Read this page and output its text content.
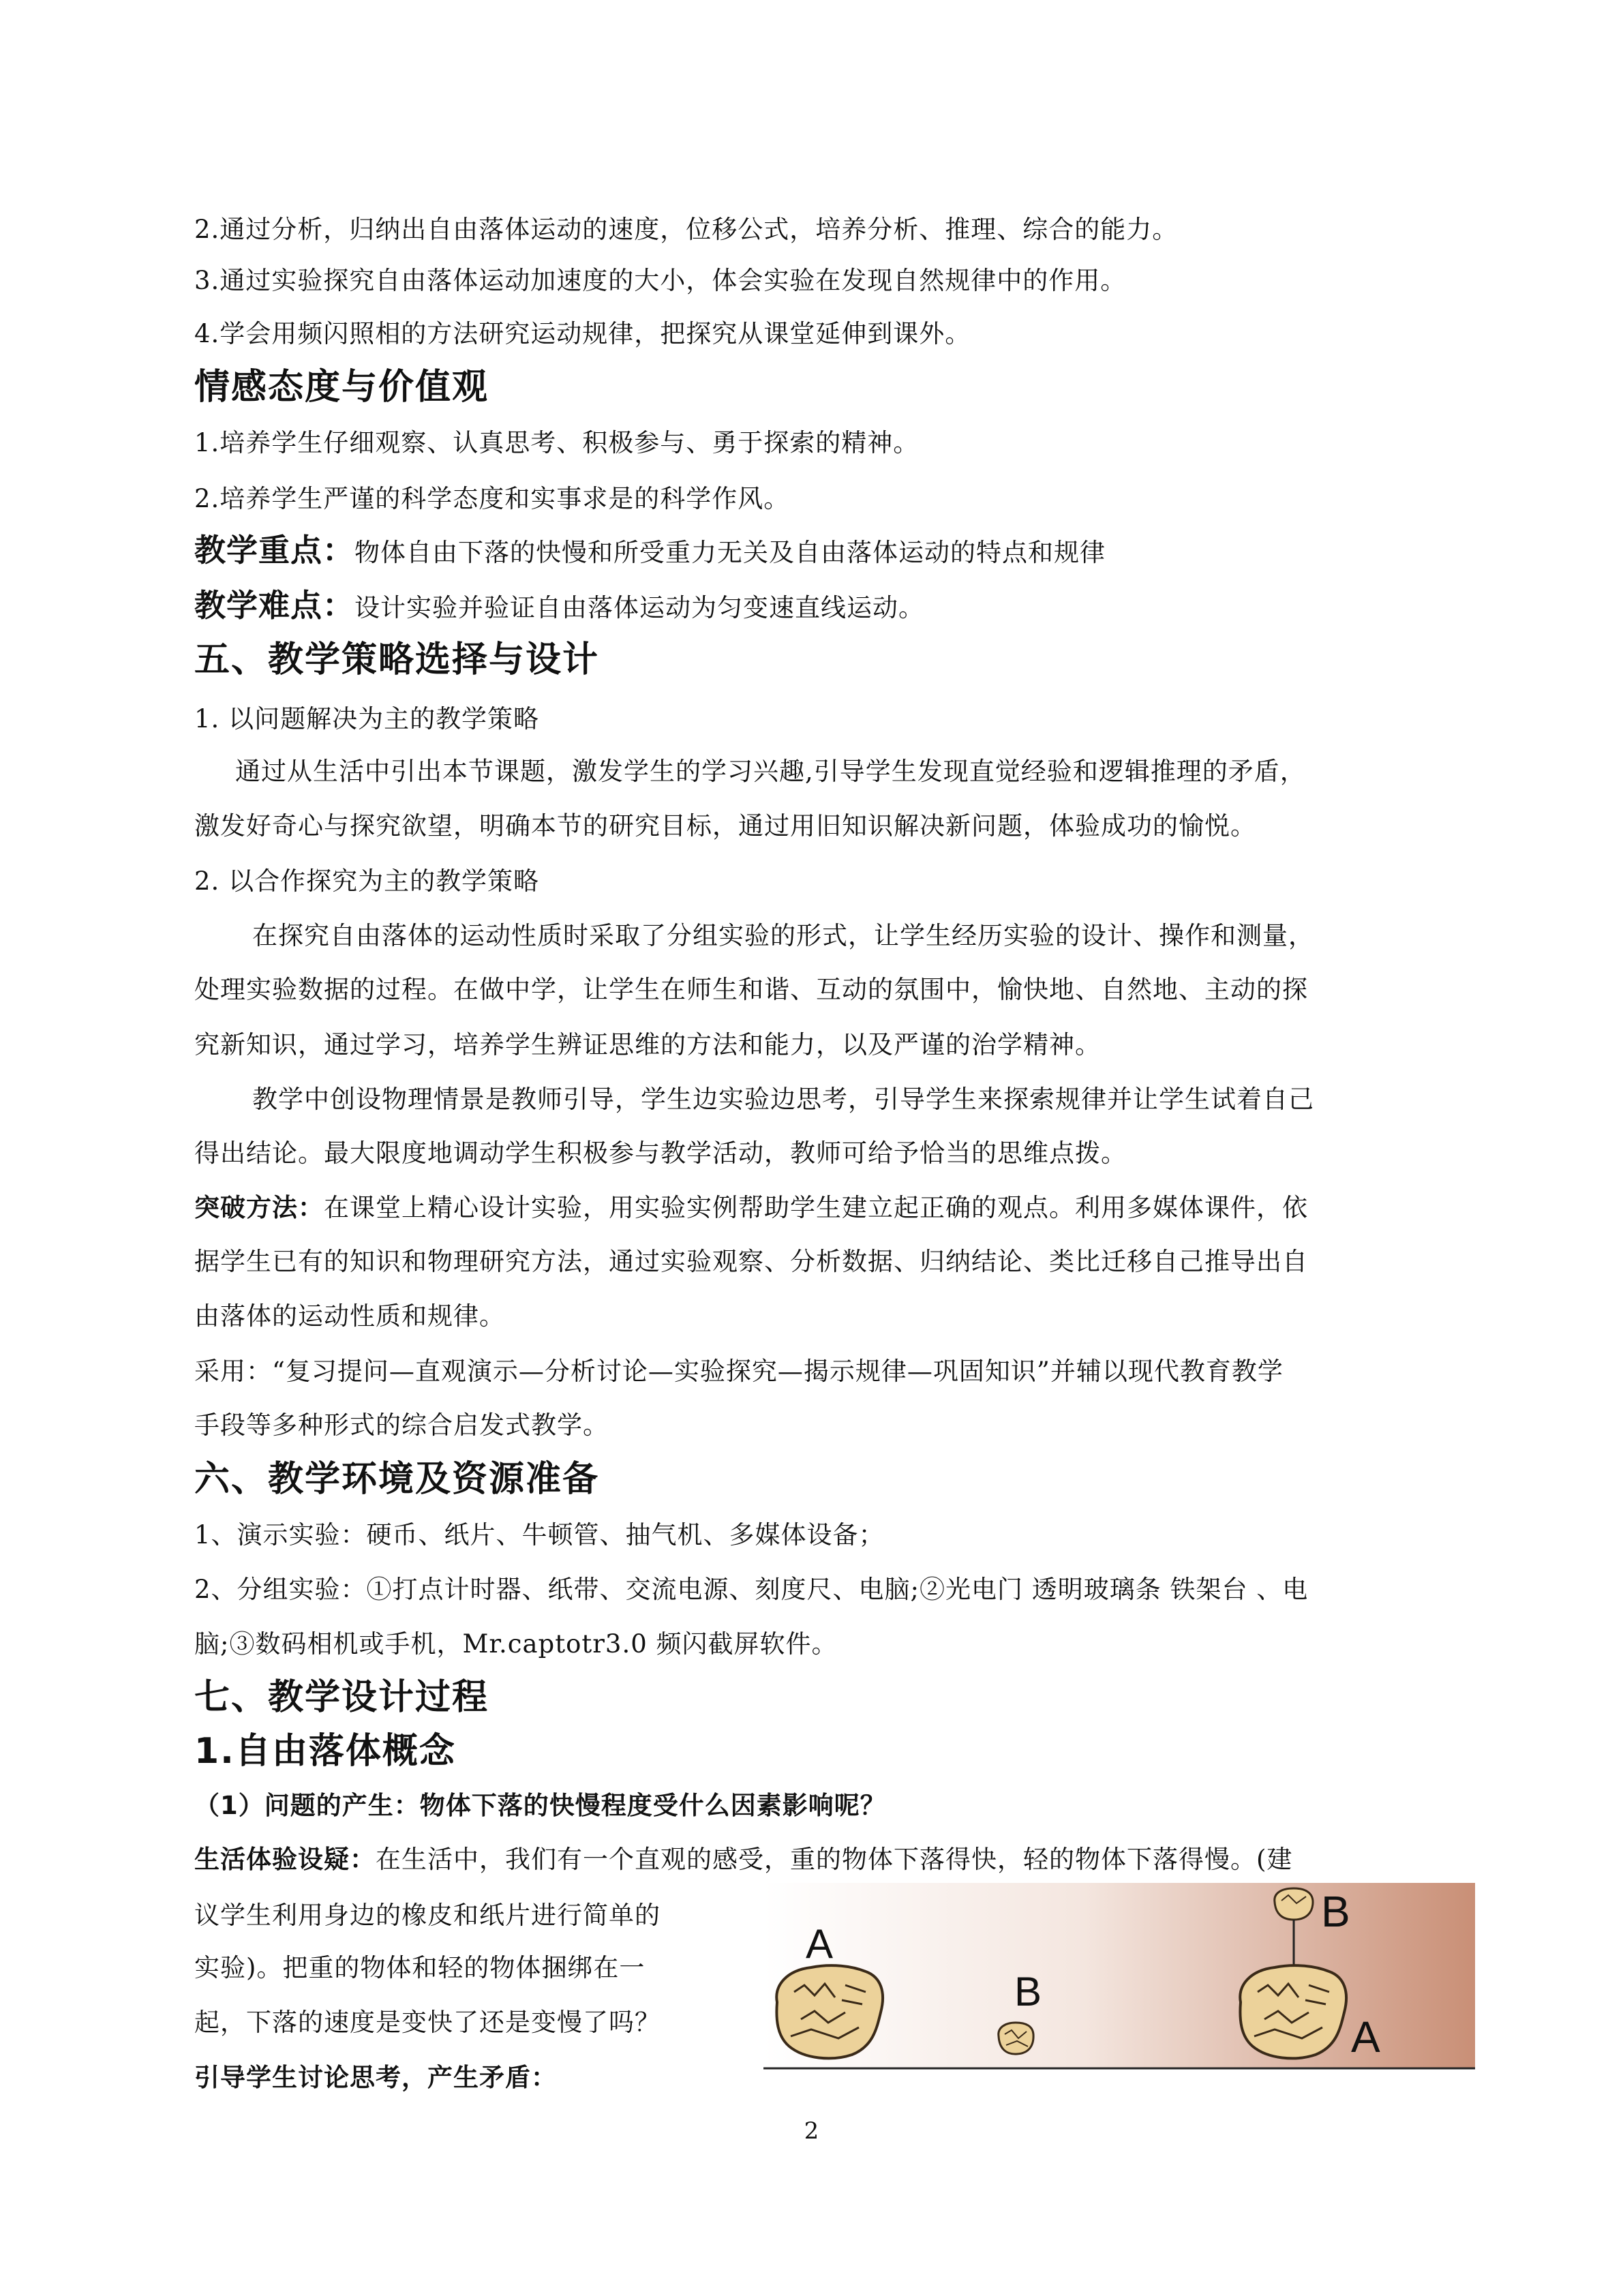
2.通过分析，归纳出自由落体运动的速度，位移公式，培养分析、推理、综合的能力。

3.通过实验探究自由落体运动加速度的大小，体会实验在发现自然规律中的作用。

4.学会用频闪照相的方法研究运动规律，把探究从课堂延伸到课外。

情感态度与价值观

1.培养学生仔细观察、认真思考、积极参与、勇于探索的精神。

2.培养学生严谨的科学态度和实事求是的科学作风。

教学重点：物体自由下落的快慢和所受重力无关及自由落体运动的特点和规律

教学难点：设计实验并验证自由落体运动为匀变速直线运动。

五、教学策略选择与设计

1. 以问题解决为主的教学策略

通过从生活中引出本节课题，激发学生的学习兴趣,引导学生发现直觉经验和逻辑推理的矛盾，

激发好奇心与探究欲望，明确本节的研究目标，通过用旧知识解决新问题，体验成功的愉悦。

2. 以合作探究为主的教学策略

在探究自由落体的运动性质时采取了分组实验的形式，让学生经历实验的设计、操作和测量，

处理实验数据的过程。在做中学，让学生在师生和谐、互动的氛围中，愉快地、自然地、主动的探

究新知识，通过学习，培养学生辨证思维的方法和能力，以及严谨的治学精神。

教学中创设物理情景是教师引导，学生边实验边思考，引导学生来探索规律并让学生试着自己

得出结论。最大限度地调动学生积极参与教学活动，教师可给予恰当的思维点拨。

突破方法：在课堂上精心设计实验，用实验实例帮助学生建立起正确的观点。利用多媒体课件，依

据学生已有的知识和物理研究方法，通过实验观察、分析数据、归纳结论、类比迁移自己推导出自

由落体的运动性质和规律。

采用：“复习提问—直观演示—分析讨论—实验探究—揭示规律—巩固知识”并辅以现代教育教学

手段等多种形式的综合启发式教学。

六、教学环境及资源准备

1、演示实验：硬币、纸片、牛顿管、抽气机、多媒体设备；

2、分组实验：①打点计时器、纸带、交流电源、刻度尺、电脑;②光电门 透明玻璃条 铁架台 、电

脑;③数码相机或手机，Mr.captotr3.0 频闪截屏软件。

七、教学设计过程
1.自由落体概念

（1）问题的产生：物体下落的快慢程度受什么因素影响呢？

生活体验设疑：在生活中，我们有一个直观的感受，重的物体下落得快，轻的物体下落得慢。(建

议学生利用身边的橡皮和纸片进行简单的

实验)。把重的物体和轻的物体捆绑在一

起，下落的速度是变快了还是变慢了吗？

引导学生讨论思考，产生矛盾：

A
B
B
A
2
